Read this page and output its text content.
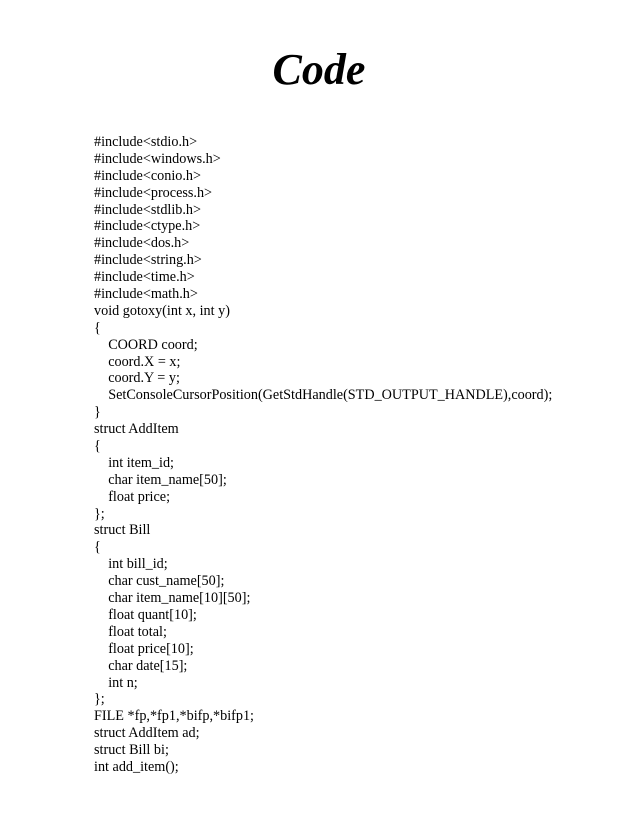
Code
#include<stdio.h>
#include<windows.h>
#include<conio.h>
#include<process.h>
#include<stdlib.h>
#include<ctype.h>
#include<dos.h>
#include<string.h>
#include<time.h>
#include<math.h>
void gotoxy(int x, int y)
{
COORD coord;
coord.X = x;
coord.Y = y;
SetConsoleCursorPosition(GetStdHandle(STD_OUTPUT_HANDLE),coord);
}
struct AddItem
{
int item_id;
char item_name[50];
float price;
};
struct Bill
{
int bill_id;
char cust_name[50];
char item_name[10][50];
float quant[10];
float total;
float price[10];
char date[15];
int n;
};
FILE *fp,*fp1,*bifp,*bifp1;
struct AddItem ad;
struct Bill bi;
int add_item();
